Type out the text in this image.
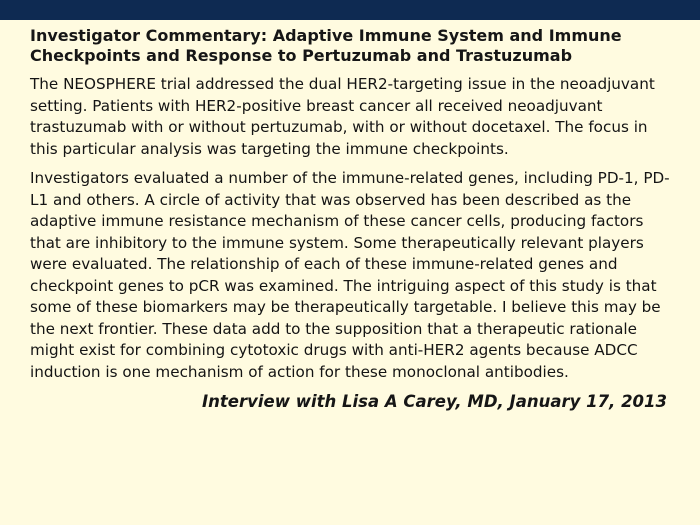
Investigator Commentary: Adaptive Immune System and Immune Checkpoints and Response to Pertuzumab and Trastuzumab

The NEOSPHERE trial addressed the dual HER2-targeting issue in the neoadjuvant setting. Patients with HER2-positive breast cancer all received neoadjuvant trastuzumab with or without pertuzumab, with or without docetaxel. The focus in this particular analysis was targeting the immune checkpoints.

Investigators evaluated a number of the immune-related genes, including PD-1, PD-L1 and others. A circle of activity that was observed has been described as the adaptive immune resistance mechanism of these cancer cells, producing factors that are inhibitory to the immune system. Some therapeutically relevant players were evaluated. The relationship of each of these immune-related genes and checkpoint genes to pCR was examined. The intriguing aspect of this study is that some of these biomarkers may be therapeutically targetable. I believe this may be the next frontier. These data add to the supposition that a therapeutic rationale might exist for combining cytotoxic drugs with anti-HER2 agents because ADCC induction is one mechanism of action for these monoclonal antibodies.

Interview with Lisa A Carey, MD, January 17, 2013
